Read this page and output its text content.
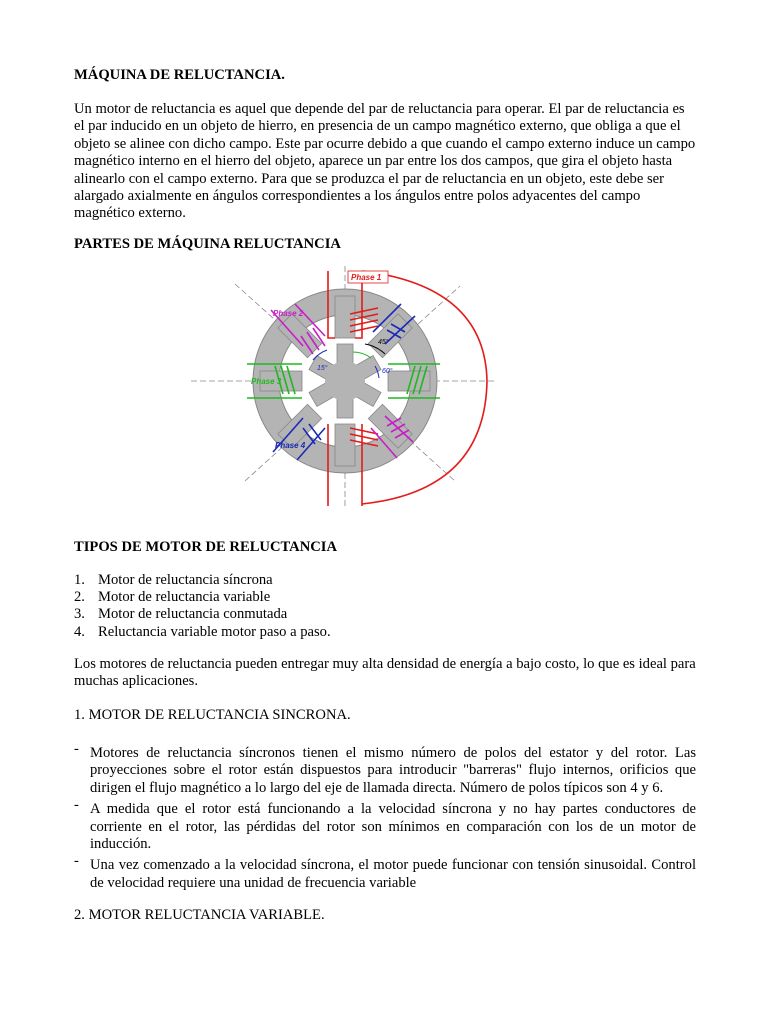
MÁQUINA DE RELUCTANCIA.

Un motor de reluctancia es aquel que depende del par de reluctancia para operar. El par de reluctancia es el par inducido en un objeto de hierro, en presencia de un campo magnético externo, que obliga a que el objeto se alinee con dicho campo. Este par ocurre debido a que cuando el campo externo induce un campo magnético interno en el hierro del objeto, aparece un par entre los dos campos, que gira el objeto hasta alinearlo con el campo externo. Para que se produzca el par de reluctancia en un objeto, este debe ser alargado axialmente en ángulos correspondientes a los ángulos entre polos adyacentes del campo magnético externo.

PARTES DE MÁQUINA RELUCTANCIA
TIPOS DE MOTOR DE RELUCTANCIA
1. Motor de reluctancia síncrona
2. Motor de reluctancia variable
3. Motor de reluctancia conmutada
4. Reluctancia variable motor paso a paso.

Los motores de reluctancia pueden entregar muy alta densidad de energía a bajo costo, lo que es ideal para muchas aplicaciones.

1. MOTOR DE RELUCTANCIA SINCRONA.
- Motores de reluctancia síncronos tienen el mismo número de polos del estator y del rotor. Las proyecciones sobre el rotor están dispuestos para introducir "barreras" flujo internos, orificios que dirigen el flujo magnético a lo largo del eje de llamada directa. Número de polos típicos son 4 y 6.
- A medida que el rotor está funcionando a la velocidad síncrona y no hay partes conductores de corriente en el rotor, las pérdidas del rotor son mínimos en comparación con los de un motor de inducción.
- Una vez comenzado a la velocidad síncrona, el motor puede funcionar con tensión sinusoidal. Control de velocidad requiere una unidad de frecuencia variable
2. MOTOR RELUCTANCIA VARIABLE.
Phase 1
Phase 2
Phase 3
Phase 4
45°
15°	60°
